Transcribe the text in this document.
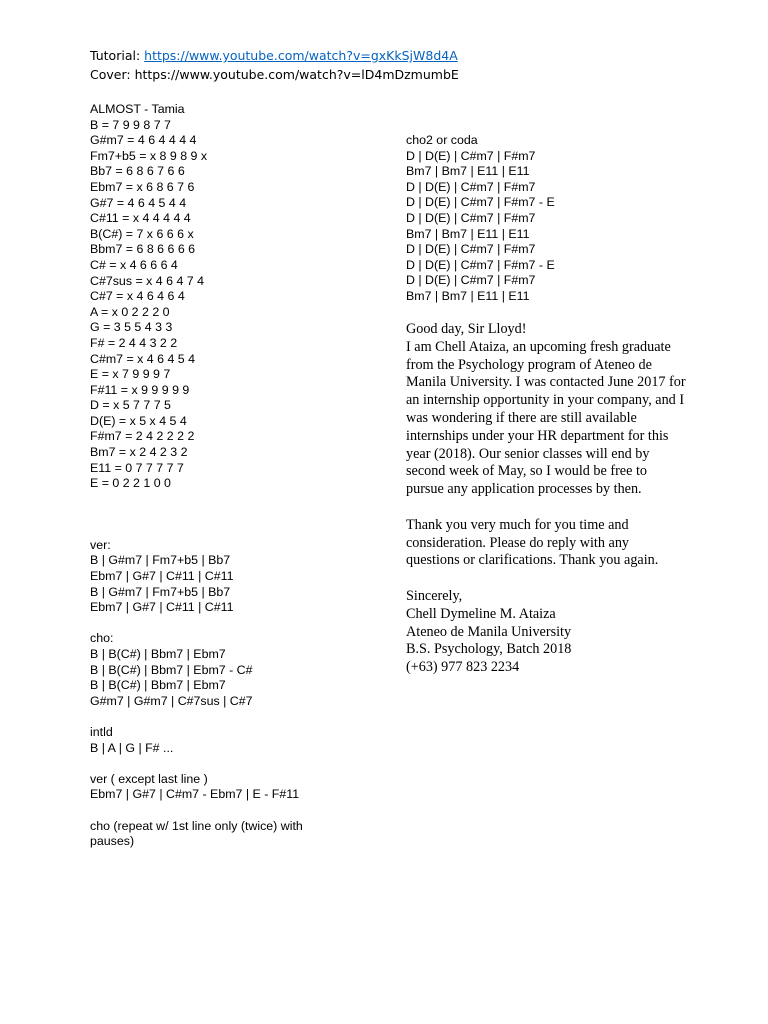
Tutorial: https://www.youtube.com/watch?v=gxKkSjW8d4A
Cover: https://www.youtube.com/watch?v=lD4mDzmumbE
ALMOST - Tamia
B = 7 9 9 8 7 7
G#m7 = 4 6 4 4 4 4
Fm7+b5 = x 8 9 8 9 x
Bb7 = 6 8 6 7 6 6
Ebm7 = x 6 8 6 7 6
G#7 = 4 6 4 5 4 4
C#11 = x 4 4 4 4 4
B(C#) = 7 x 6 6 6 x
Bbm7 = 6 8 6 6 6 6
C# = x 4 6 6 6 4
C#7sus = x 4 6 4 7 4
C#7 = x 4 6 4 6 4
A = x 0 2 2 2 0
G = 3 5 5 4 3 3
F# = 2 4 4 3 2 2
C#m7 = x 4 6 4 5 4
E = x 7 9 9 9 7
F#11 = x 9 9 9 9 9
D = x 5 7 7 7 5
D(E) = x 5 x 4 5 4
F#m7 = 2 4 2 2 2 2
Bm7 = x 2 4 2 3 2
E11 = 0 7 7 7 7 7
E = 0 2 2 1 0 0
ver:
B | G#m7 | Fm7+b5 | Bb7
Ebm7 | G#7 | C#11 | C#11
B | G#m7 | Fm7+b5 | Bb7
Ebm7 | G#7 | C#11 | C#11
cho:
B | B(C#) | Bbm7 | Ebm7
B | B(C#) | Bbm7 | Ebm7 - C#
B | B(C#) | Bbm7 | Ebm7
G#m7 | G#m7 | C#7sus | C#7
intld
B | A | G | F# ...
ver ( except last line )
Ebm7 | G#7 | C#m7 - Ebm7 | E - F#11
cho (repeat w/ 1st line only (twice) with
pauses)
cho2 or coda
D | D(E) | C#m7 | F#m7
Bm7 | Bm7 | E11 | E11
D | D(E) | C#m7 | F#m7
D | D(E) | C#m7 | F#m7 - E
D | D(E) | C#m7 | F#m7
Bm7 | Bm7 | E11 | E11
D | D(E) | C#m7 | F#m7
D | D(E) | C#m7 | F#m7 - E
D | D(E) | C#m7 | F#m7
Bm7 | Bm7 | E11 | E11

Good day, Sir Lloyd!
I am Chell Ataiza, an upcoming fresh graduate from the Psychology program of Ateneo de Manila University. I was contacted June 2017 for an internship opportunity in your company, and I was wondering if there are still available internships under your HR department for this year (2018). Our senior classes will end by second week of May, so I would be free to pursue any application processes by then.

Thank you very much for you time and consideration. Please do reply with any questions or clarifications. Thank you again.

Sincerely,
Chell Dymeline M. Ataiza
Ateneo de Manila University
B.S. Psychology, Batch 2018
(+63) 977 823 2234
